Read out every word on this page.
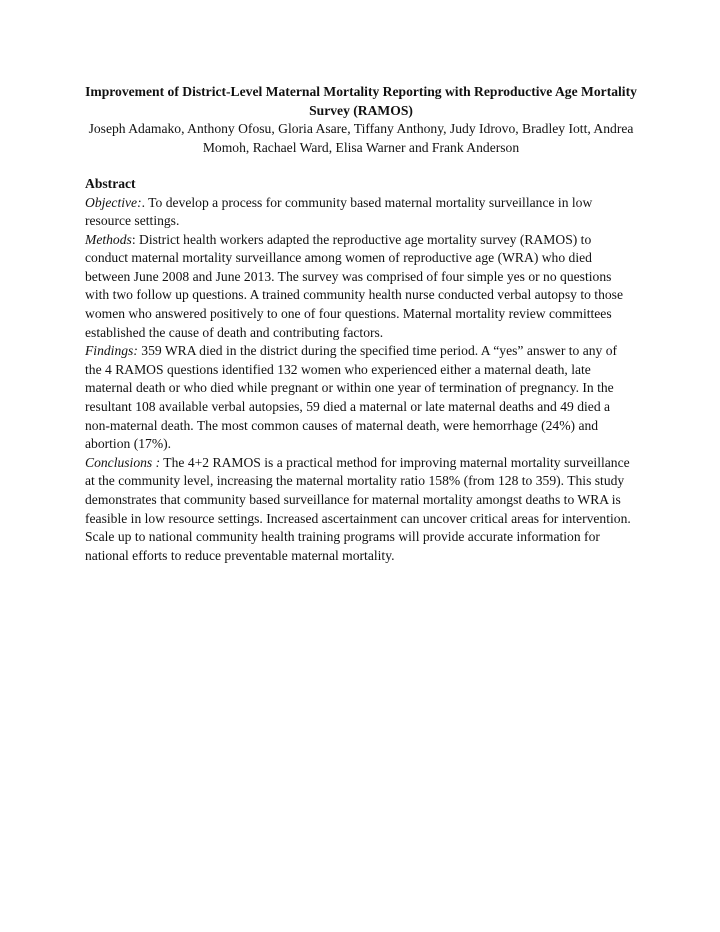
Improvement of District-Level Maternal Mortality Reporting with Reproductive Age Mortality Survey (RAMOS)

Joseph Adamako, Anthony Ofosu, Gloria Asare, Tiffany Anthony, Judy Idrovo, Bradley Iott, Andrea Momoh, Rachael Ward, Elisa Warner and Frank Anderson

Abstract

Objective:. To develop a process for community based maternal mortality surveillance in low resource settings.

Methods: District health workers adapted the reproductive age mortality survey (RAMOS) to conduct maternal mortality surveillance among women of reproductive age (WRA) who died between June 2008 and June 2013. The survey was comprised of four simple yes or no questions with two follow up questions. A trained community health nurse conducted verbal autopsy to those women who answered positively to one of four questions. Maternal mortality review committees established the cause of death and contributing factors.

Findings: 359 WRA died in the district during the specified time period. A “yes” answer to any of the 4 RAMOS questions identified 132 women who experienced either a maternal death, late maternal death or who died while pregnant or within one year of termination of pregnancy. In the resultant 108 available verbal autopsies, 59 died a maternal or late maternal deaths and 49 died a non-maternal death. The most common causes of maternal death, were hemorrhage (24%) and abortion (17%).

Conclusions : The 4+2 RAMOS is a practical method for improving maternal mortality surveillance at the community level, increasing the maternal mortality ratio 158% (from 128 to 359). This study demonstrates that community based surveillance for maternal mortality amongst deaths to WRA is feasible in low resource settings. Increased ascertainment can uncover critical areas for intervention. Scale up to national community health training programs will provide accurate information for national efforts to reduce preventable maternal mortality.
